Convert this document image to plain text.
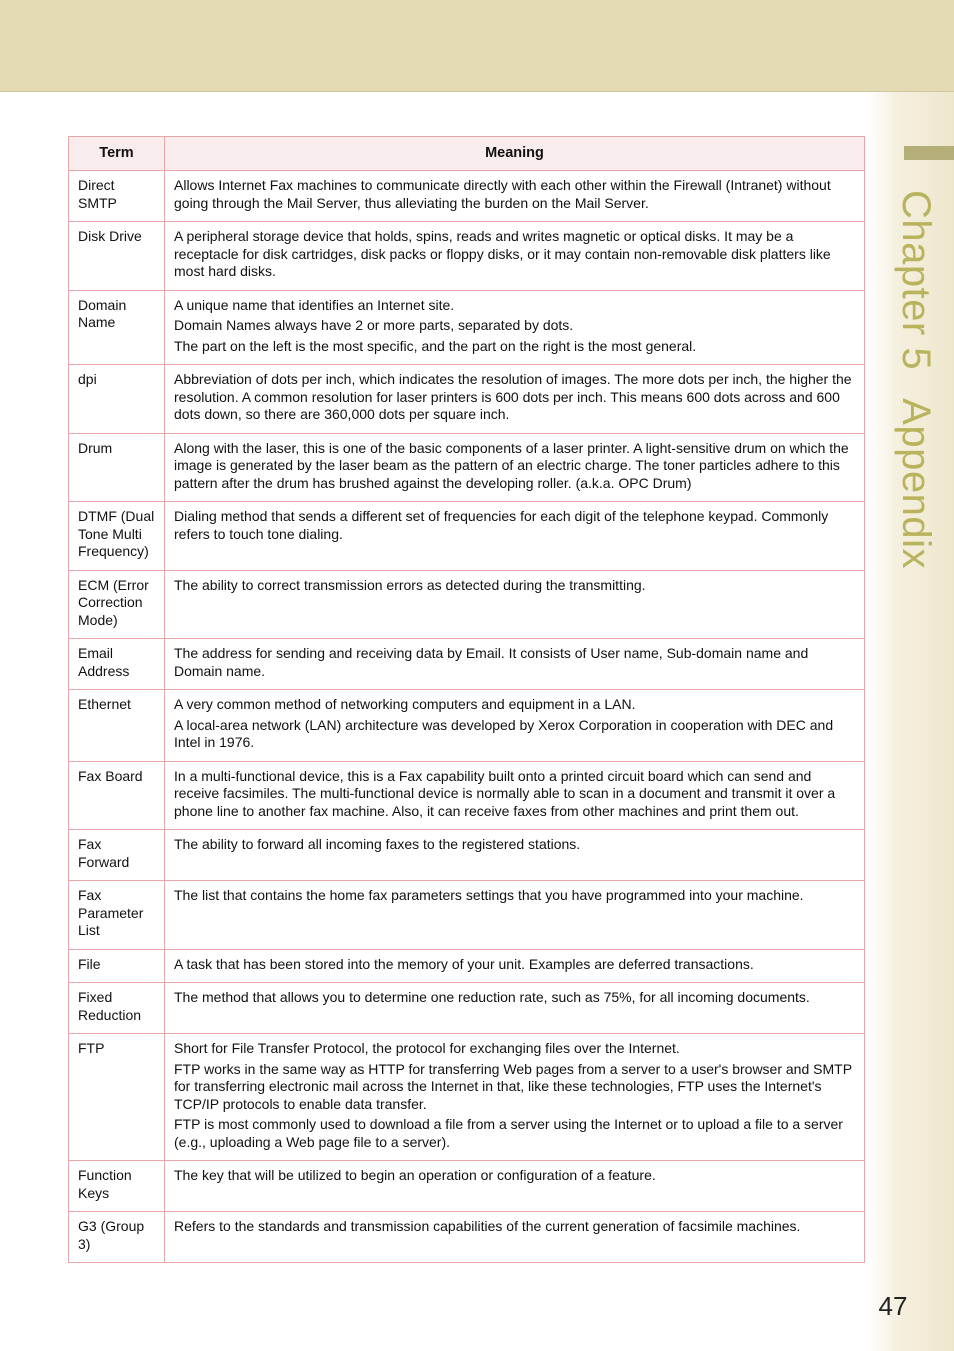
Chapter 5Appendix
Term	Meaning
Direct SMTP	Allows Internet Fax machines to communicate directly with each other within the Firewall (Intranet) without going through the Mail Server, thus alleviating the burden on the Mail Server.

Disk Drive	A peripheral storage device that holds, spins, reads and writes magnetic or optical disks. It may be a receptacle for disk cartridges, disk packs or floppy disks, or it may contain non-removable disk platters like most hard disks.

Domain Name	A unique name that identifies an Internet site.

Domain Names always have 2 or more parts, separated by dots.

The part on the left is the most specific, and the part on the right is the most general.

dpi	Abbreviation of dots per inch, which indicates the resolution of images. The more dots per inch, the higher the resolution. A common resolution for laser printers is 600 dots per inch. This means 600 dots across and 600 dots down, so there are 360,000 dots per square inch.

Drum	Along with the laser, this is one of the basic components of a laser printer. A light-sensitive drum on which the image is generated by the laser beam as the pattern of an electric charge. The toner particles adhere to this pattern after the drum has brushed against the developing roller. (a.k.a. OPC Drum)

DTMF (Dual Tone Multi Frequency)	Dialing method that sends a different set of frequencies for each digit of the telephone keypad. Commonly refers to touch tone dialing.

ECM (Error Correction Mode)	The ability to correct transmission errors as detected during the transmitting.

Email Address	The address for sending and receiving data by Email. It consists of User name, Sub-domain name and Domain name.

Ethernet	A very common method of networking computers and equipment in a LAN.

A local-area network (LAN) architecture was developed by Xerox Corporation in cooperation with DEC and Intel in 1976.

Fax Board	In a multi-functional device, this is a Fax capability built onto a printed circuit board which can send and receive facsimiles. The multi-functional device is normally able to scan in a document and transmit it over a phone line to another fax machine. Also, it can receive faxes from other machines and print them out.

Fax Forward	The ability to forward all incoming faxes to the registered stations.

Fax Parameter List	The list that contains the home fax parameters settings that you have programmed into your machine.

File	A task that has been stored into the memory of your unit. Examples are deferred transactions.

Fixed Reduction	The method that allows you to determine one reduction rate, such as 75%, for all incoming documents.

FTP	Short for File Transfer Protocol, the protocol for exchanging files over the Internet.

FTP works in the same way as HTTP for transferring Web pages from a server to a user's browser and SMTP for transferring electronic mail across the Internet in that, like these technologies, FTP uses the Internet's TCP/IP protocols to enable data transfer.

FTP is most commonly used to download a file from a server using the Internet or to upload a file to a server (e.g., uploading a Web page file to a server).

Function Keys	The key that will be utilized to begin an operation or configuration of a feature.

G3 (Group 3)	Refers to the standards and transmission capabilities of the current generation of facsimile machines.

47
